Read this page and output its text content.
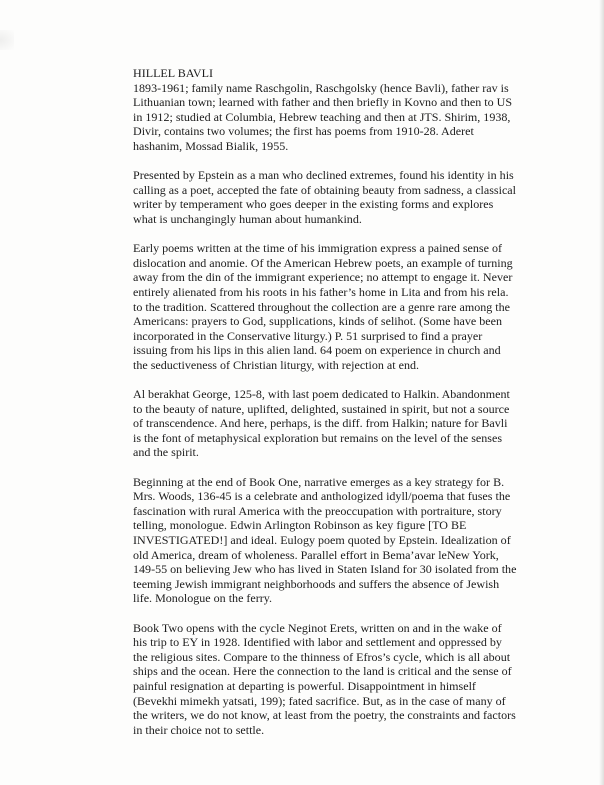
HILLEL BAVLI

1893-1961; family name Raschgolin, Raschgolsky (hence Bavli), father rav is
Lithuanian town; learned with father and then briefly in Kovno and then to US
in 1912; studied at Columbia, Hebrew teaching and then at JTS. Shirim, 1938,
Divir, contains two volumes; the first has poems from 1910-28. Aderet
hashanim, Mossad Bialik, 1955.

Presented by Epstein as a man who declined extremes, found his identity in his
calling as a poet, accepted the fate of obtaining beauty from sadness, a classical
writer by temperament who goes deeper in the existing forms and explores
what is unchangingly human about humankind.

Early poems written at the time of his immigration express a pained sense of
dislocation and anomie. Of the American Hebrew poets, an example of turning
away from the din of the immigrant experience; no attempt to engage it. Never
entirely alienated from his roots in his father’s home in Lita and from his rela.
to the tradition. Scattered throughout the collection are a genre rare among the
Americans: prayers to God, supplications, kinds of selihot. (Some have been
incorporated in the Conservative liturgy.) P. 51 surprised to find a prayer
issuing from his lips in this alien land. 64 poem on experience in church and
the seductiveness of Christian liturgy, with rejection at end.

Al berakhat George, 125-8, with last poem dedicated to Halkin. Abandonment
to the beauty of nature, uplifted, delighted, sustained in spirit, but not a source
of transcendence. And here, perhaps, is the diff. from Halkin; nature for Bavli
is the font of metaphysical exploration but remains on the level of the senses
and the spirit.

Beginning at the end of Book One, narrative emerges as a key strategy for B.
Mrs. Woods, 136-45 is a celebrate and anthologized idyll/poema that fuses the
fascination with rural America with the preoccupation with portraiture, story
telling, monologue. Edwin Arlington Robinson as key figure [TO BE
INVESTIGATED!] and ideal. Eulogy poem quoted by Epstein. Idealization of
old America, dream of wholeness. Parallel effort in Bema’avar leNew York,
149-55 on believing Jew who has lived in Staten Island for 30 isolated from the
teeming Jewish immigrant neighborhoods and suffers the absence of Jewish
life. Monologue on the ferry.

Book Two opens with the cycle Neginot Erets, written on and in the wake of
his trip to EY in 1928. Identified with labor and settlement and oppressed by
the religious sites. Compare to the thinness of Efros’s cycle, which is all about
ships and the ocean. Here the connection to the land is critical and the sense of
painful resignation at departing is powerful. Disappointment in himself
(Bevekhi mimekh yatsati, 199); fated sacrifice. But, as in the case of many of
the writers, we do not know, at least from the poetry, the constraints and factors
in their choice not to settle.
